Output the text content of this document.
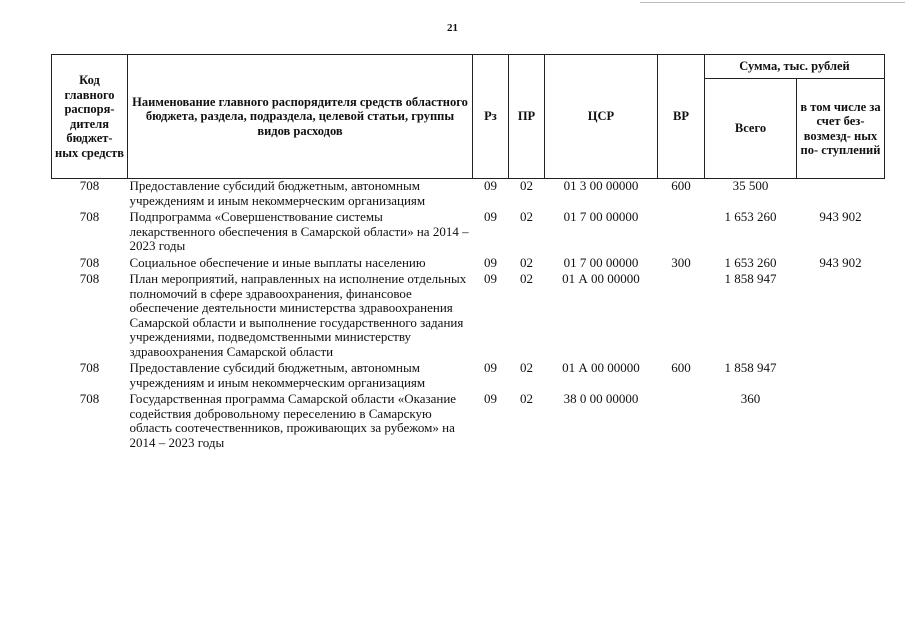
21
Код главного распоря- дителя бюджет- ных средств	Наименование главного распорядителя средств областного бюджета, раздела, подраздела, целевой статьи, группы видов расходов	Рз	ПР	ЦСР	ВР	Сумма, тыс. рублей	
						Всего	в том числе за счет без- возмезд- ных по- ступлений
708	Предоставление субсидий бюджетным, автономным учреждениям и иным некоммерческим организациям	09	02	01 3 00 00000	600	35 500	
708	Подпрограмма «Совершенствование системы лекарственного обеспечения в Самарской области» на 2014 – 2023 годы	09	02	01 7 00 00000		1 653 260	943 902
708	Социальное обеспечение и иные выплаты населению	09	02	01 7 00 00000	300	1 653 260	943 902
708	План мероприятий, направленных на исполнение отдельных полномочий в сфере здравоохранения, финансовое обеспечение деятельности министерства здравоохранения Самарской области и выполнение государственного задания учреждениями, подведомственными министерству здравоохранения Самарской области	09	02	01 А 00 00000		1 858 947	
708	Предоставление субсидий бюджетным, автономным учреждениям и иным некоммерческим организациям	09	02	01 А 00 00000	600	1 858 947	
708	Государственная программа Самарской области «Оказание содействия добровольному переселению в Самарскую область соотечественников, проживающих за рубежом» на 2014 – 2023 годы	09	02	38 0 00 00000		360	
